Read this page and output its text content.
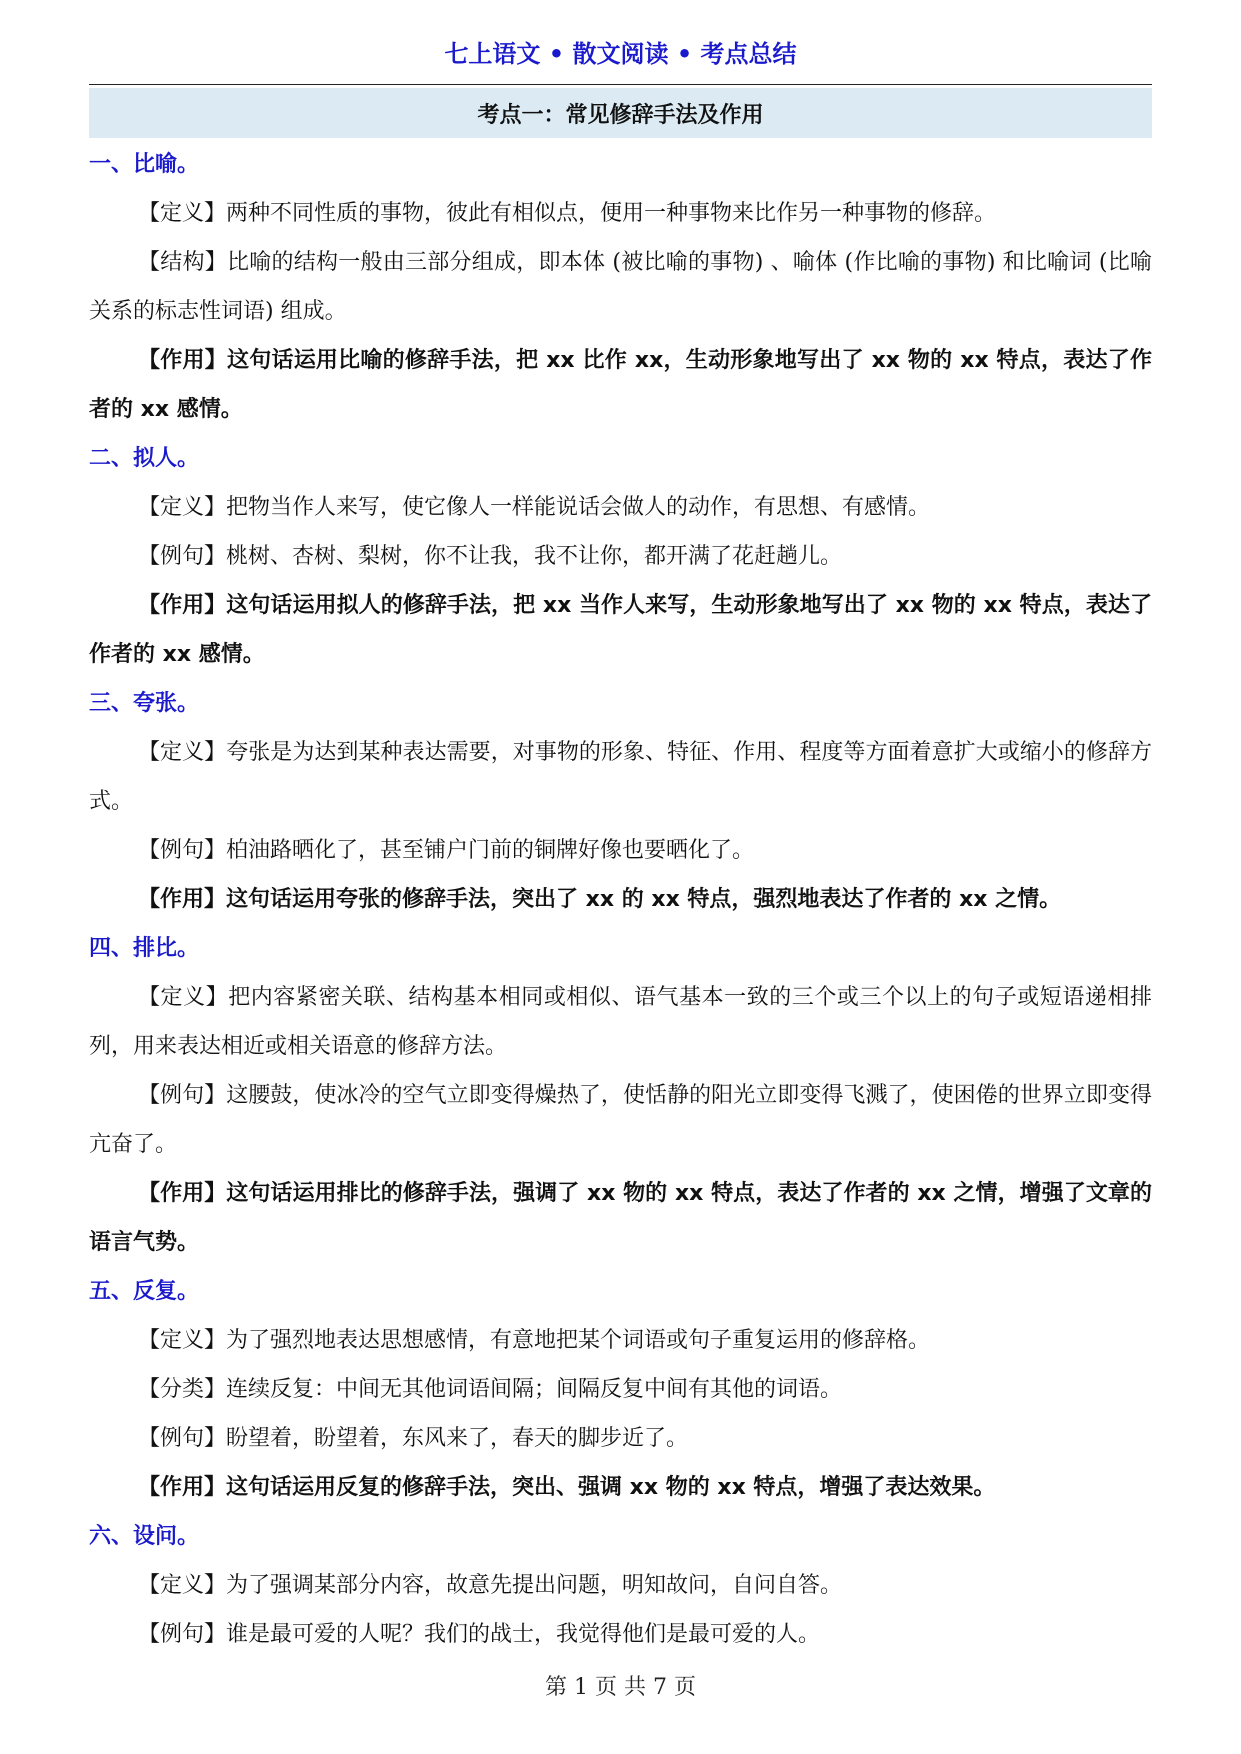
七上语文 • 散文阅读 • 考点总结
考点一：常见修辞手法及作用

一、比喻。

【定义】两种不同性质的事物，彼此有相似点，便用一种事物来比作另一种事物的修辞。

【结构】比喻的结构一般由三部分组成，即本体 (被比喻的事物) 、喻体 (作比喻的事物) 和比喻词 (比喻关系的标志性词语) 组成。

【作用】这句话运用比喻的修辞手法，把 xx 比作 xx，生动形象地写出了 xx 物的 xx 特点，表达了作者的 xx 感情。

二、拟人。

【定义】把物当作人来写，使它像人一样能说话会做人的动作，有思想、有感情。

【例句】桃树、杏树、梨树，你不让我，我不让你，都开满了花赶趟儿。

【作用】这句话运用拟人的修辞手法，把 xx 当作人来写，生动形象地写出了 xx 物的 xx 特点，表达了作者的 xx 感情。

三、夸张。

【定义】夸张是为达到某种表达需要，对事物的形象、特征、作用、程度等方面着意扩大或缩小的修辞方式。

【例句】柏油路晒化了，甚至铺户门前的铜牌好像也要晒化了。

【作用】这句话运用夸张的修辞手法，突出了 xx 的 xx 特点，强烈地表达了作者的 xx 之情。

四、排比。

【定义】把内容紧密关联、结构基本相同或相似、语气基本一致的三个或三个以上的句子或短语递相排列，用来表达相近或相关语意的修辞方法。

【例句】这腰鼓，使冰冷的空气立即变得燥热了，使恬静的阳光立即变得飞溅了，使困倦的世界立即变得亢奋了。

【作用】这句话运用排比的修辞手法，强调了 xx 物的 xx 特点，表达了作者的 xx 之情，增强了文章的语言气势。

五、反复。

【定义】为了强烈地表达思想感情，有意地把某个词语或句子重复运用的修辞格。

【分类】连续反复：中间无其他词语间隔；间隔反复中间有其他的词语。

【例句】盼望着，盼望着，东风来了，春天的脚步近了。

【作用】这句话运用反复的修辞手法，突出、强调 xx 物的 xx 特点，增强了表达效果。

六、设问。

【定义】为了强调某部分内容，故意先提出问题，明知故问，自问自答。

【例句】谁是最可爱的人呢？我们的战士，我觉得他们是最可爱的人。

第 1 页 共 7 页
